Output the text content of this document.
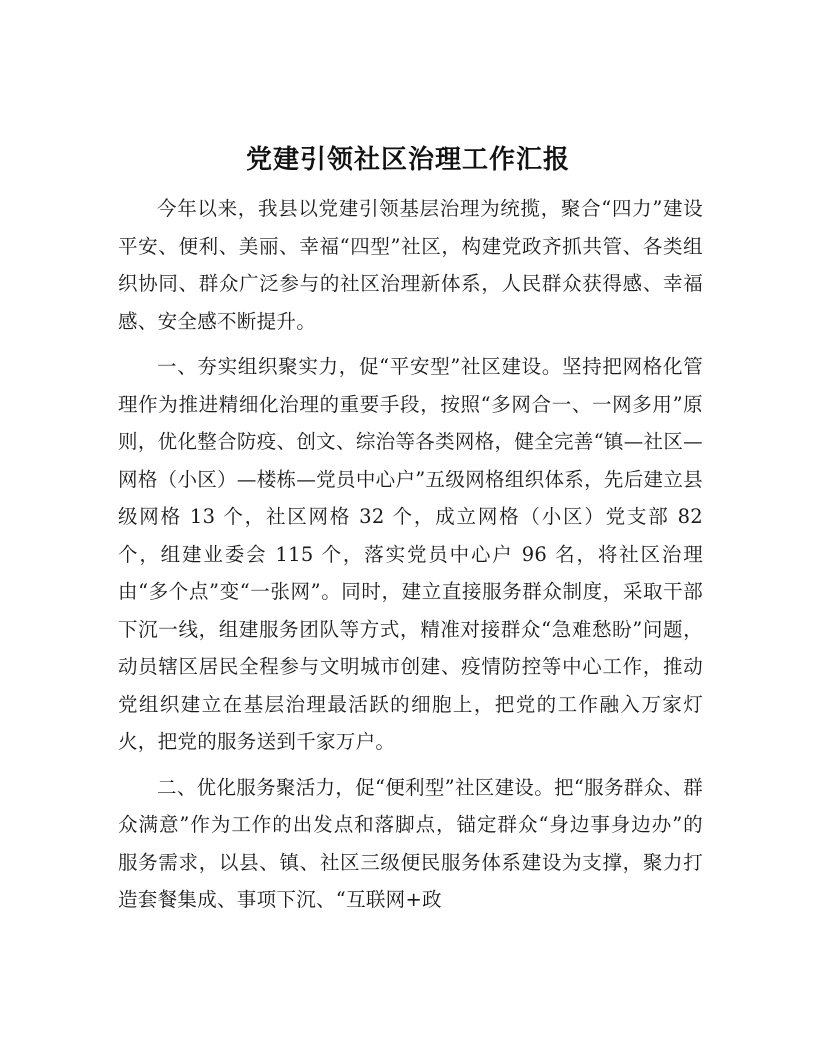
党建引领社区治理工作汇报

今年以来，我县以党建引领基层治理为统揽，聚合“四力”建设平安、便利、美丽、幸福“四型”社区，构建党政齐抓共管、各类组织协同、群众广泛参与的社区治理新体系，人民群众获得感、幸福感、安全感不断提升。

一、夯实组织聚实力，促“平安型”社区建设。坚持把网格化管理作为推进精细化治理的重要手段，按照“多网合一、一网多用”原则，优化整合防疫、创文、综治等各类网格，健全完善“镇—社区—网格（小区）—楼栋—党员中心户”五级网格组织体系，先后建立县级网格 13 个，社区网格 32 个，成立网格（小区）党支部 82 个，组建业委会 115 个，落实党员中心户 96 名，将社区治理由“多个点”变“一张网”。同时，建立直接服务群众制度，采取干部下沉一线，组建服务团队等方式，精准对接群众“急难愁盼”问题，动员辖区居民全程参与文明城市创建、疫情防控等中心工作，推动党组织建立在基层治理最活跃的细胞上，把党的工作融入万家灯火，把党的服务送到千家万户。

二、优化服务聚活力，促“便利型”社区建设。把“服务群众、群众满意”作为工作的出发点和落脚点，锚定群众“身边事身边办”的服务需求，以县、镇、社区三级便民服务体系建设为支撑，聚力打造套餐集成、事项下沉、“互联网+政
